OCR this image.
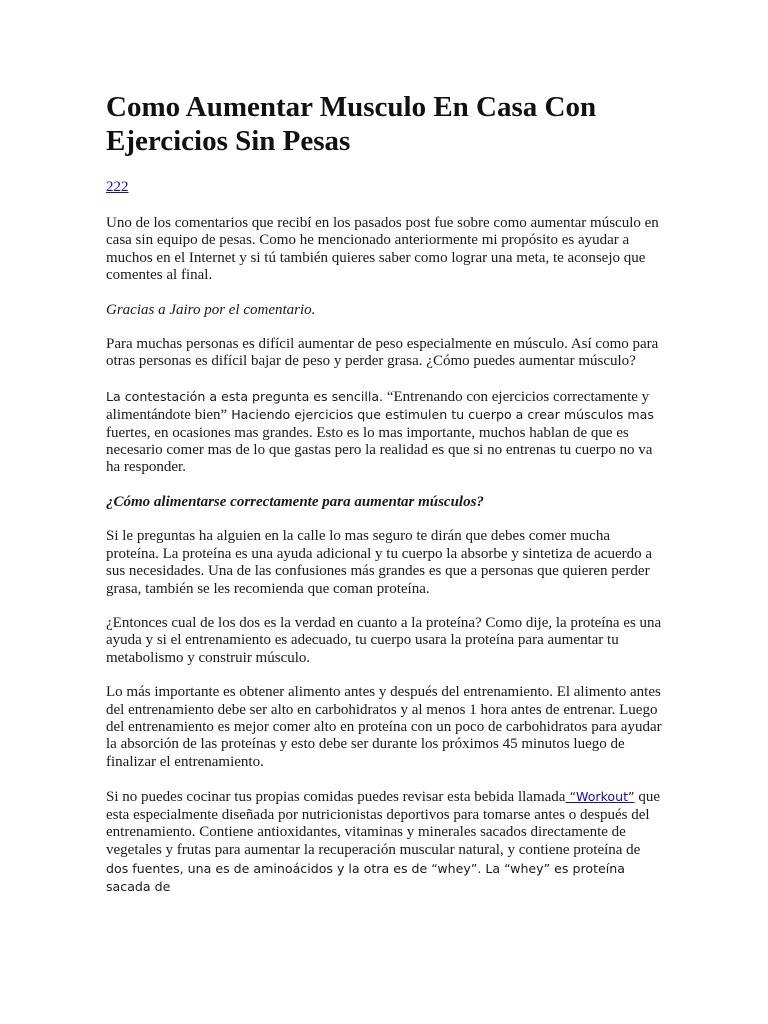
Como Aumentar Musculo En Casa Con Ejercicios Sin Pesas
222

Uno de los comentarios que recibí en los pasados post fue sobre como aumentar músculo en casa sin equipo de pesas. Como he mencionado anteriormente mi propósito es ayudar a muchos en el Internet y si tú también quieres saber como lograr una meta, te aconsejo que comentes al final.

Gracias a Jairo por el comentario.

Para muchas personas es difícil aumentar de peso especialmente en músculo. Así como para otras personas es difícil bajar de peso y perder grasa. ¿Cómo puedes aumentar músculo?

La contestación a esta pregunta es sencilla. “Entrenando con ejercicios correctamente y alimentándote bien” Haciendo ejercicios que estimulen tu cuerpo a crear músculos mas fuertes, en ocasiones mas grandes. Esto es lo mas importante, muchos hablan de que es necesario comer mas de lo que gastas pero la realidad es que si no entrenas tu cuerpo no va ha responder.

¿Cómo alimentarse correctamente para aumentar músculos?

Si le preguntas ha alguien en la calle lo mas seguro te dirán que debes comer mucha proteína. La proteína es una ayuda adicional y tu cuerpo la absorbe y sintetiza de acuerdo a sus necesidades. Una de las confusiones más grandes es que a personas que quieren perder grasa, también se les recomienda que coman proteína.

¿Entonces cual de los dos es la verdad en cuanto a la proteína? Como dije, la proteína es una ayuda y si el entrenamiento es adecuado, tu cuerpo usara la proteína para aumentar tu metabolismo y construir músculo.

Lo más importante es obtener alimento antes y después del entrenamiento. El alimento antes del entrenamiento debe ser alto en carbohidratos y al menos 1 hora antes de entrenar. Luego del entrenamiento es mejor comer alto en proteína con un poco de carbohidratos para ayudar la absorción de las proteínas y esto debe ser durante los próximos 45 minutos luego de finalizar el entrenamiento.

Si no puedes cocinar tus propias comidas puedes revisar esta bebida llamada “Workout” que esta especialmente diseñada por nutricionistas deportivos para tomarse antes o después del entrenamiento. Contiene antioxidantes, vitaminas y minerales sacados directamente de vegetales y frutas para aumentar la recuperación muscular natural, y contiene proteína de dos fuentes, una es de aminoácidos y la otra es de “whey”. La “whey” es proteína sacada de
